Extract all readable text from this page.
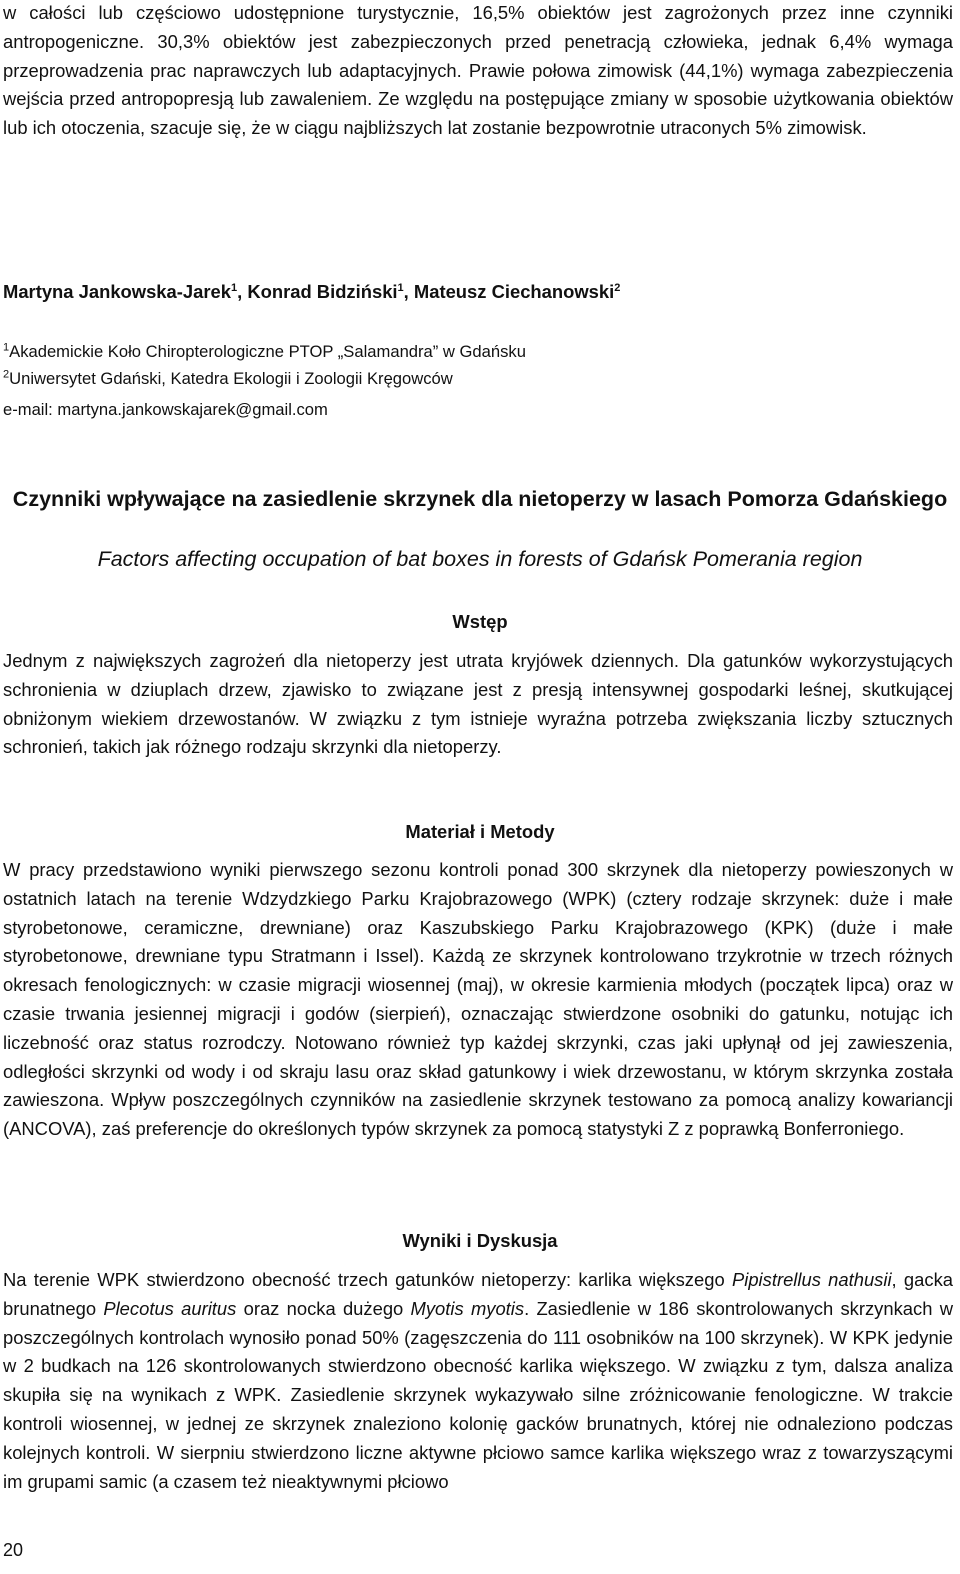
w całości lub częściowo udostępnione turystycznie, 16,5% obiektów jest zagrożonych przez inne czynniki antropogeniczne. 30,3% obiektów jest zabezpieczonych przed penetracją człowieka, jednak 6,4% wymaga przeprowadzenia prac naprawczych lub adaptacyjnych. Prawie połowa zimowisk (44,1%) wymaga zabezpieczenia wejścia przed antropopresją lub zawaleniem. Ze względu na postępujące zmiany w sposobie użytkowania obiektów lub ich otoczenia, szacuje się, że w ciągu najbliższych lat zostanie bezpowrotnie utraconych 5% zimowisk.

Martyna Jankowska-Jarek$^1$, Konrad Bidziński$^1$, Mateusz Ciechanowski$^2$

$^1$Akademickie Koło Chiropterologiczne PTOP „Salamandra” w Gdańsku

$^2$Uniwersytet Gdański, Katedra Ekologii i Zoologii Kręgowców

e-mail: martyna.jankowskajarek@gmail.com

Czynniki wpływające na zasiedlenie skrzynek dla nietoperzy w lasach Pomorza Gdańskiego

Factors affecting occupation of bat boxes in forests of Gdańsk Pomerania region

Wstęp

Jednym z największych zagrożeń dla nietoperzy jest utrata kryjówek dziennych. Dla gatunków wykorzystujących schronienia w dziuplach drzew, zjawisko to związane jest z presją intensywnej gospodarki leśnej, skutkującej obniżonym wiekiem drzewostanów. W związku z tym istnieje wyraźna potrzeba zwiększania liczby sztucznych schronień, takich jak różnego rodzaju skrzynki dla nietoperzy.

Materiał i Metody

W pracy przedstawiono wyniki pierwszego sezonu kontroli ponad 300 skrzynek dla nietoperzy powieszonych w ostatnich latach na terenie Wdzydzkiego Parku Krajobrazowego (WPK) (cztery rodzaje skrzynek: duże i małe styrobetonowe, ceramiczne, drewniane) oraz Kaszubskiego Parku Krajobrazowego (KPK) (duże i małe styrobetonowe, drewniane typu Stratmann i Issel). Każdą ze skrzynek kontrolowano trzykrotnie w trzech różnych okresach fenologicznych: w czasie migracji wiosennej (maj), w okresie karmienia młodych (początek lipca) oraz w czasie trwania jesiennej migracji i godów (sierpień), oznaczając stwierdzone osobniki do gatunku, notując ich liczebność oraz status rozrodczy. Notowano również typ każdej skrzynki, czas jaki upłynął od jej zawieszenia, odległości skrzynki od wody i od skraju lasu oraz skład gatunkowy i wiek drzewostanu, w którym skrzynka została zawieszona. Wpływ poszczególnych czynników na zasiedlenie skrzynek testowano za pomocą analizy kowariancji (ANCOVA), zaś preferencje do określonych typów skrzynek za pomocą statystyki Z z poprawką Bonferroniego.

Wyniki i Dyskusja

Na terenie WPK stwierdzono obecność trzech gatunków nietoperzy: karlika większego Pipistrellus nathusii, gacka brunatnego Plecotus auritus oraz nocka dużego Myotis myotis. Zasiedlenie w 186 skontrolowanych skrzynkach w poszczególnych kontrolach wynosiło ponad 50% (zagęszczenia do 111 osobników na 100 skrzynek). W KPK jedynie w 2 budkach na 126 skontrolowanych stwierdzono obecność karlika większego. W związku z tym, dalsza analiza skupiła się na wynikach z WPK. Zasiedlenie skrzynek wykazywało silne zróżnicowanie fenologiczne. W trakcie kontroli wiosennej, w jednej ze skrzynek znaleziono kolonię gacków brunatnych, której nie odnaleziono podczas kolejnych kontroli. W sierpniu stwierdzono liczne aktywne płciowo samce karlika większego wraz z towarzyszącymi im grupami samic (a czasem też nieaktywnymi płciowo

20
